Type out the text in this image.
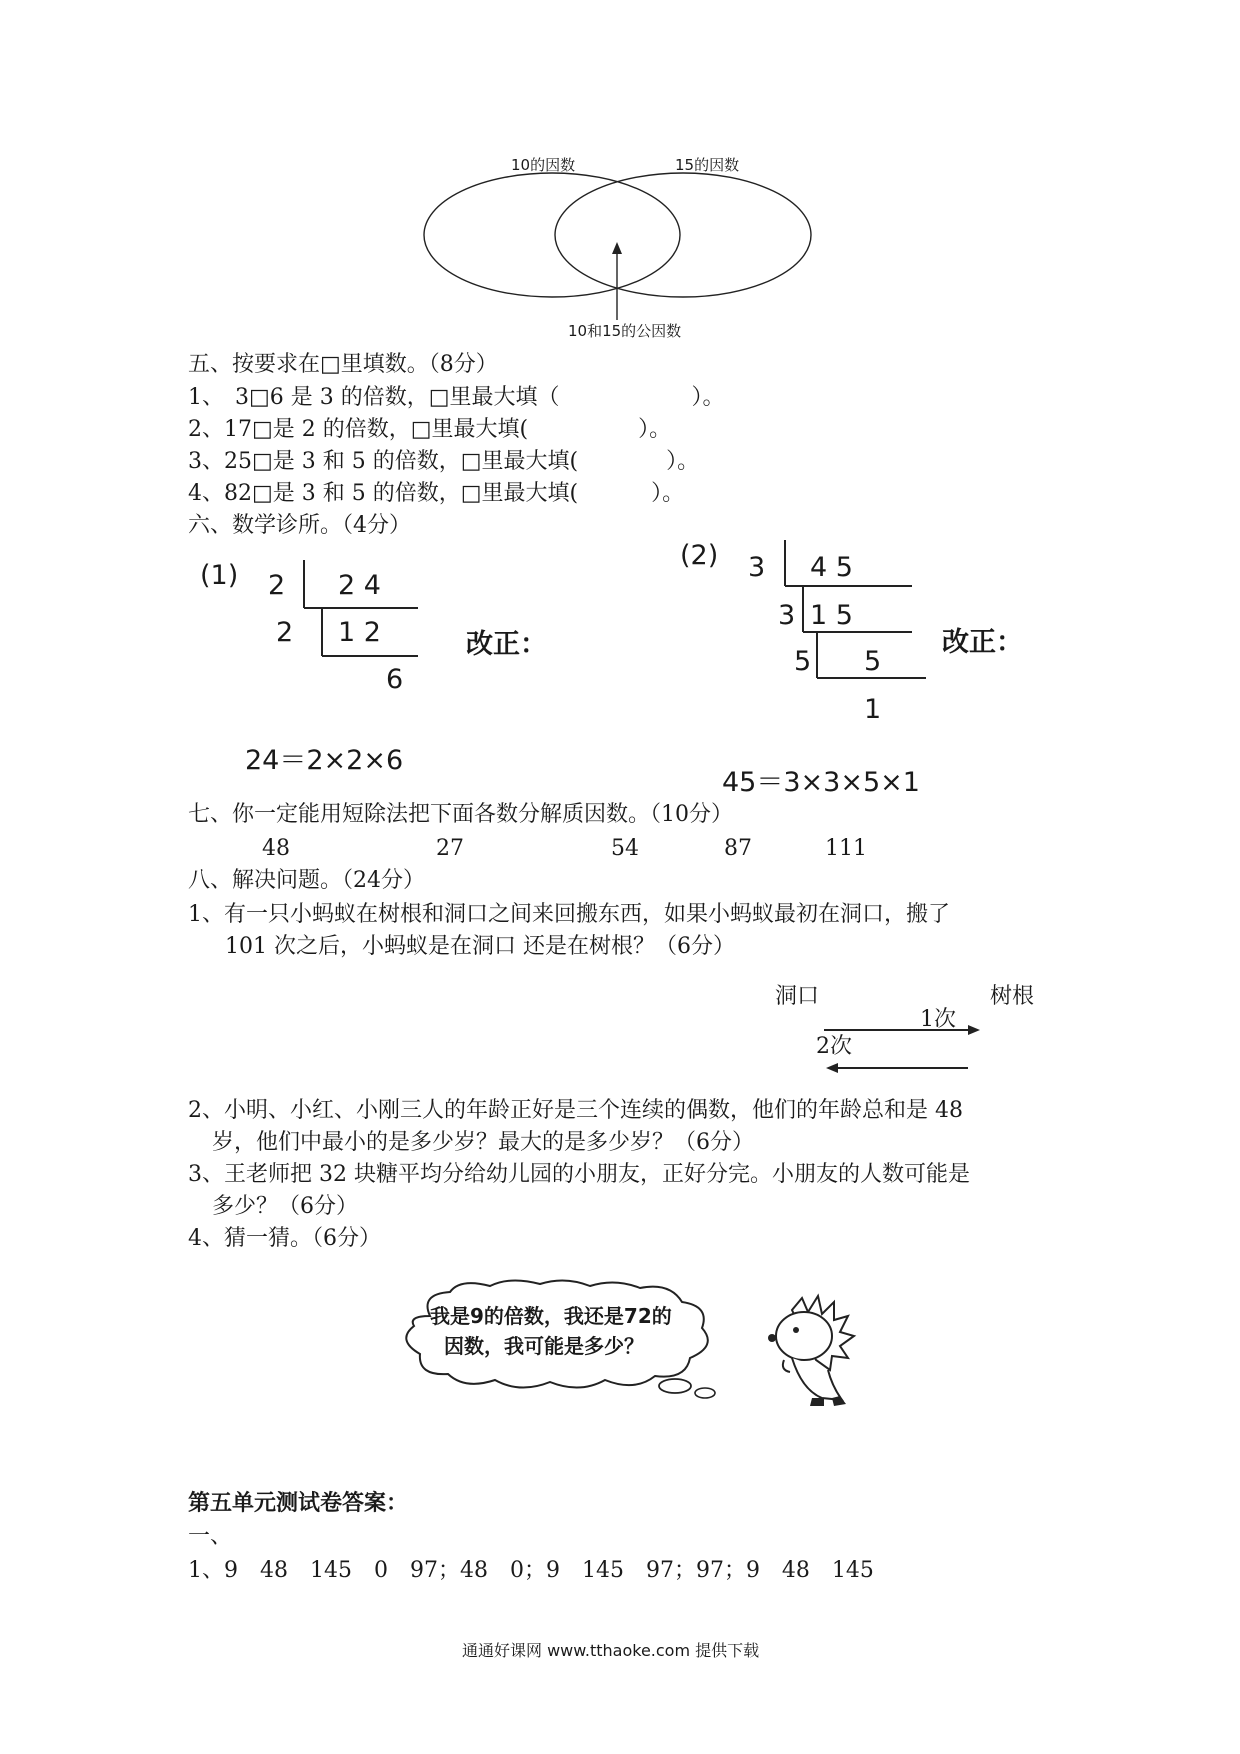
10的因数	15的因数
10和15的公因数
五、按要求在□里填数。（8分）
1、　3□6 是 3 的倍数，□里最大填（　　　　　　）。
2、17□是 2 的倍数，□里最大填(　　　　　）。
3、25□是 3 和 5 的倍数，□里最大填(　　　　）。
4、82□是 3 和 5 的倍数，□里最大填(　　　 ）。
六、数学诊所。（4分）
(1) 2 2 4
2 1 2
6
改正：
24＝2×2×6
(2) 3 4 5
3 1 5
5 5
1
改正：
45＝3×3×5×1
七、你一定能用短除法把下面各数分解质因数。（10分）
48	27	54	87	111
八、解决问题。（24分）
1、有一只小蚂蚁在树根和洞口之间来回搬东西，如果小蚂蚁最初在洞口，搬了
101 次之后，小蚂蚁是在洞口 还是在树根？（6分）
洞口	树根
1次
2次
2、小明、小红、小刚三人的年龄正好是三个连续的偶数，他们的年龄总和是 48
岁，他们中最小的是多少岁？最大的是多少岁？（6分）
3、王老师把 32 块糖平均分给幼儿园的小朋友，正好分完。小朋友的人数可能是
多少？（6分）
4、猜一猜。（6分）
我是9的倍数，我还是72的
因数，我可能是多少？
第五单元测试卷答案：
一、
1、9　48　145　0　97；48　0；9　145　97；97；9　48　145
通通好课网 www.tthaoke.com 提供下载
